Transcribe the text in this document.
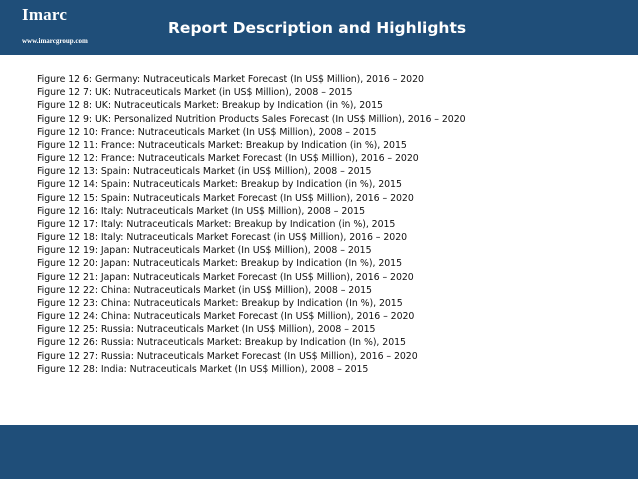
Imarc
www.imarcgroup.com
Report Description and Highlights
Figure 12 6: Germany: Nutraceuticals Market Forecast (In US$ Million), 2016 – 2020
Figure 12 7: UK: Nutraceuticals Market (in US$ Million), 2008 – 2015
Figure 12 8: UK: Nutraceuticals Market: Breakup by Indication (in %), 2015
Figure 12 9: UK: Personalized Nutrition Products Sales Forecast (In US$ Million), 2016 – 2020
Figure 12 10: France: Nutraceuticals Market (In US$ Million), 2008 – 2015
Figure 12 11: France: Nutraceuticals Market: Breakup by Indication (in %), 2015
Figure 12 12: France: Nutraceuticals Market Forecast (In US$ Million), 2016 – 2020
Figure 12 13: Spain: Nutraceuticals Market (in US$ Million), 2008 – 2015
Figure 12 14: Spain: Nutraceuticals Market: Breakup by Indication (in %), 2015
Figure 12 15: Spain: Nutraceuticals Market Forecast (In US$ Million), 2016 – 2020
Figure 12 16: Italy: Nutraceuticals Market (In US$ Million), 2008 – 2015
Figure 12 17: Italy: Nutraceuticals Market: Breakup by Indication (in %), 2015
Figure 12 18: Italy: Nutraceuticals Market Forecast (in US$ Million), 2016 – 2020
Figure 12 19: Japan: Nutraceuticals Market (In US$ Million), 2008 – 2015
Figure 12 20: Japan: Nutraceuticals Market: Breakup by Indication (In %), 2015
Figure 12 21: Japan: Nutraceuticals Market Forecast (In US$ Million), 2016 – 2020
Figure 12 22: China: Nutraceuticals Market (in US$ Million), 2008 – 2015
Figure 12 23: China: Nutraceuticals Market: Breakup by Indication (In %), 2015
Figure 12 24: China: Nutraceuticals Market Forecast (In US$ Million), 2016 – 2020
Figure 12 25: Russia: Nutraceuticals Market (In US$ Million), 2008 – 2015
Figure 12 26: Russia: Nutraceuticals Market: Breakup by Indication (In %), 2015
Figure 12 27: Russia: Nutraceuticals Market Forecast (In US$ Million), 2016 – 2020
Figure 12 28: India: Nutraceuticals Market (In US$ Million), 2008 – 2015
